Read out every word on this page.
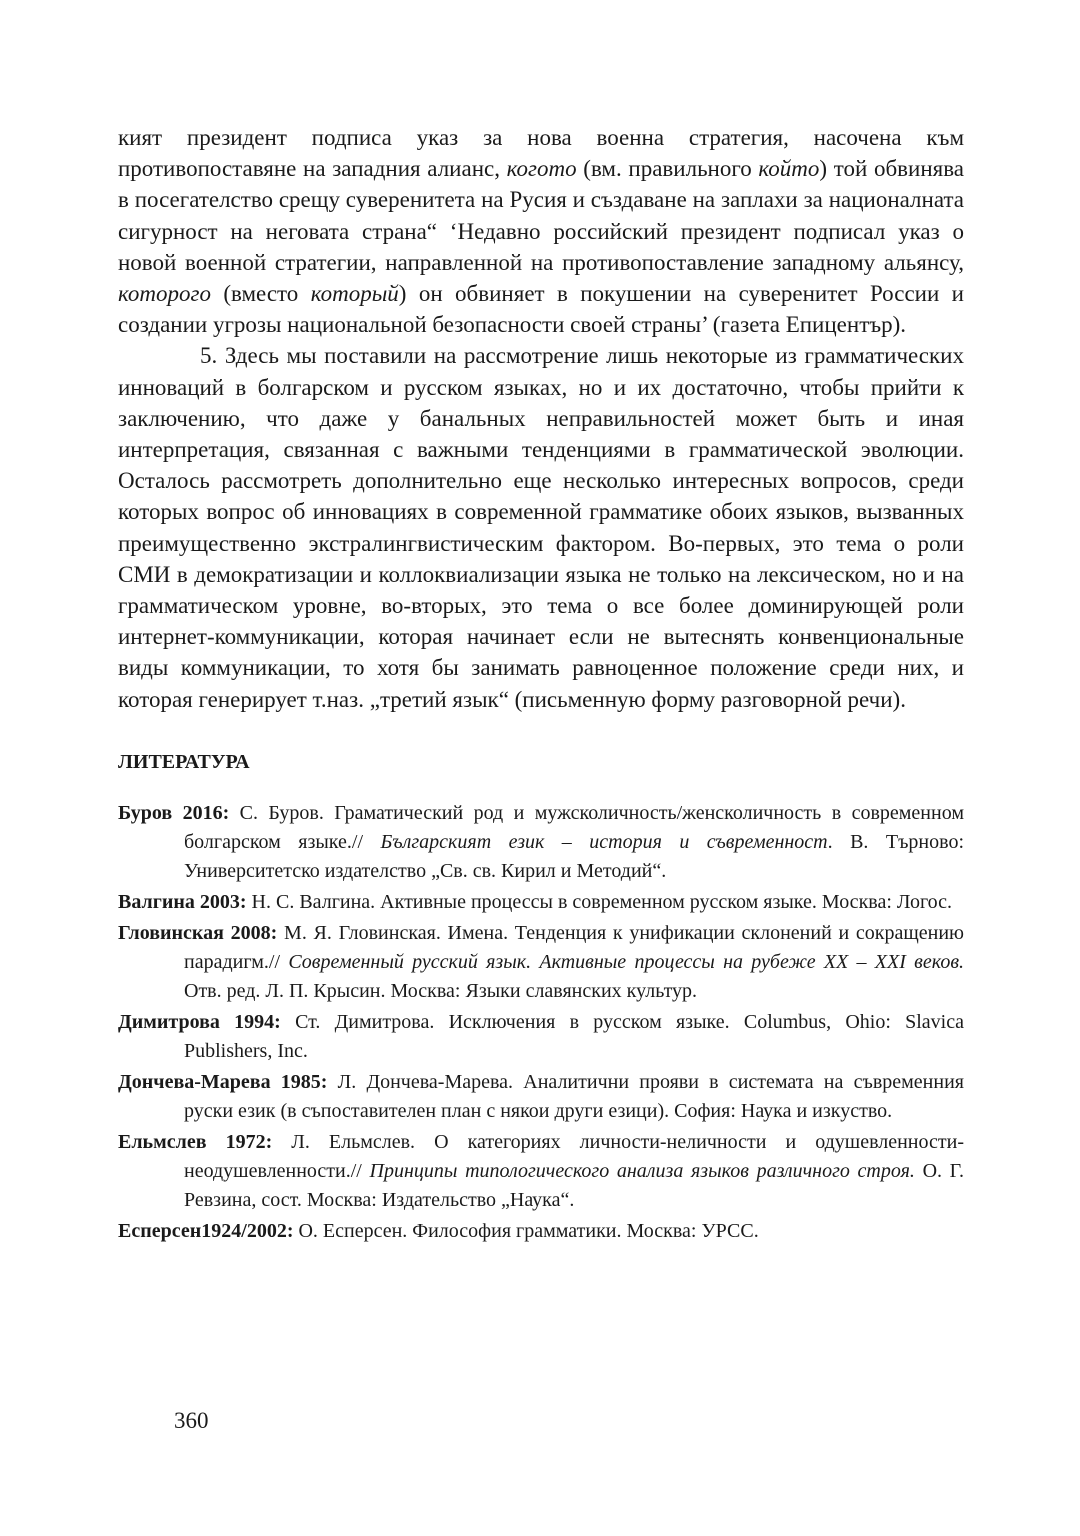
кият президент подписа указ за нова военна стратегия, насочена към противопоставяне на западния алианс, когото (вм. правильного който) той обвинява в посегателство срещу суверенитета на Русия и създаване на заплахи за националната сигурност на неговата страна“ ‘Недавно российский президент подписал указ о новой военной стратегии, направленной на противопоставление западному альянсу, которого (вместо который) он обвиняет в покушении на суверенитет России и создании угрозы национальной безопасности своей страны’ (газета Епицентър).

5. Здесь мы поставили на рассмотрение лишь некоторые из грамматических инноваций в болгарском и русском языках, но и их достаточно, чтобы прийти к заключению, что даже у банальных неправильностей может быть и иная интерпретация, связанная с важными тенденциями в грамматической эволюции. Осталось рассмотреть дополнительно еще несколько интересных вопросов, среди которых вопрос об инновациях в современной грамматике обоих языков, вызванных преимущественно экстралингвистическим фактором. Во-первых, это тема о роли СМИ в демократизации и коллоквиализации языка не только на лексическом, но и на грамматическом уровне, во-вторых, это тема о все более доминирующей роли интернет-коммуникации, которая начинает если не вытеснять конвенциональные виды коммуникации, то хотя бы занимать равноценное положение среди них, и которая генерирует т.наз. „третий язык“ (письменную форму разговорной речи).

ЛИТЕРАТУРА
Буров 2016: С. Буров. Граматический род и мужсколичность/женсколичность в современном болгарском языке.// Българският език – история и съвременност. В. Търново: Университетско издателство „Св. св. Кирил и Методий“.
Валгина 2003: Н. С. Валгина. Активные процессы в современном русском языке. Москва: Логос.
Гловинская 2008: М. Я. Гловинская. Имена. Тенденция к унификации склонений и сокращению парадигм.// Современный русский язык. Активные процессы на рубеже XX – XXI веков. Отв. ред. Л. П. Крысин. Москва: Языки славянских культур.
Димитрова 1994: Ст. Димитрова. Исключения в русском языке. Columbus, Ohio: Slavica Publishers, Inc.
Дончева-Марева 1985: Л. Дончева-Марева. Аналитични прояви в системата на съвременния руски език (в съпоставителен план с някои други езици). София: Наука и изкуство.
Ельмслев 1972: Л. Ельмслев. О категориях личности-неличности и одушевленности-неодушевленности.// Принципы типологического анализа языков различного строя. О. Г. Ревзина, сост. Москва: Издательство „Наука“.
Есперсен1924/2002: О. Есперсен. Философия грамматики. Москва: УРСС.
360
